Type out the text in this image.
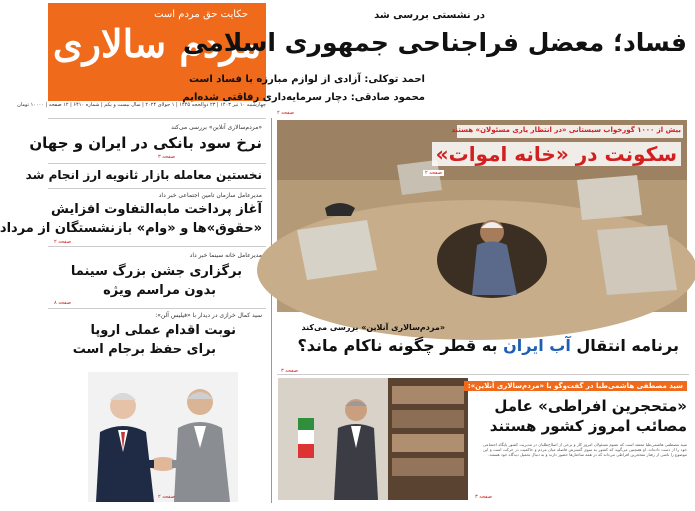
حکایت حق مردم است
مردم سالاری
چهارشنبه ۱۰ تیر ۱۴۰۳ | ۲۳ ذوالحجه ۱۴۴۵ | ۱ جولای ۲۰۲۴ | سال بیست و یکم | شماره ۶۴۱۰ | ۱۲ صفحه | ۱۰۰۰۰ تومان
در نشستی بررسی شد
فساد؛ معضل فراجناحی جمهوری اسلامی
احمد توکلی: آزادی از لوازم مبارزه با فساد است
محمود صادقی: دچار سرمایه‌داری رفاقتی شده‌ایم
صفحه ۲
«مردم‌سالاری آنلاین» بررسی می‌کند
نرخ سود بانکی در ایران و جهان
صفحه ۳
نخستین معامله بازار ثانویه ارز انجام شد
مدیرعامل سازمان تامین اجتماعی خبر داد
آغاز پرداخت مابه‌التفاوت افزایش
«حقوق»ها و «وام» بازنشستگان از مرداد
صفحه ۲
مدیرعامل خانه سینما خبر داد
برگزاری جشن بزرگ سینما
بدون مراسم ویژه
صفحه ۸
سید کمال خرازی در دیدار با «فیلیس آلن»:
نوبت اقدام عملی اروپا
برای حفظ برجام است
صفحه ۲
بیش از ۱۰۰۰ گورخواب سیستانی «در انتظار یاری مسئولان» هستند
سکونت در «خانه اموات»
صفحه ۲
«مردم‌سالاری آنلاین» بررسی می‌کند
برنامه انتقال آب ایران به قطر چگونه ناکام ماند؟
صفحه ۳
سید مصطفی هاشمی‌طبا در گفت‌وگو با «مردم‌سالاری آنلاین»:
«متحجرین افراطی» عامل
مصائب امروز کشور هستند
سید مصطفی هاشمی‌طبا معتقد است که عموم مسئولان امروز کار و برخی از اصلاح‌طلبان در مدیریت کشور پایگاه اجتماعی خود را از دست داده‌اند. او همچنین می‌گوید که کشور به سوی گسترش فاصله میان مردم و حاکمیت در حرکت است و این موضوع را ناشی از رفتار متحجرین افراطی می‌داند که در همه ساختارها حضور دارند و به دنبال تحمیل دیدگاه خود هستند.
صفحه ۳
